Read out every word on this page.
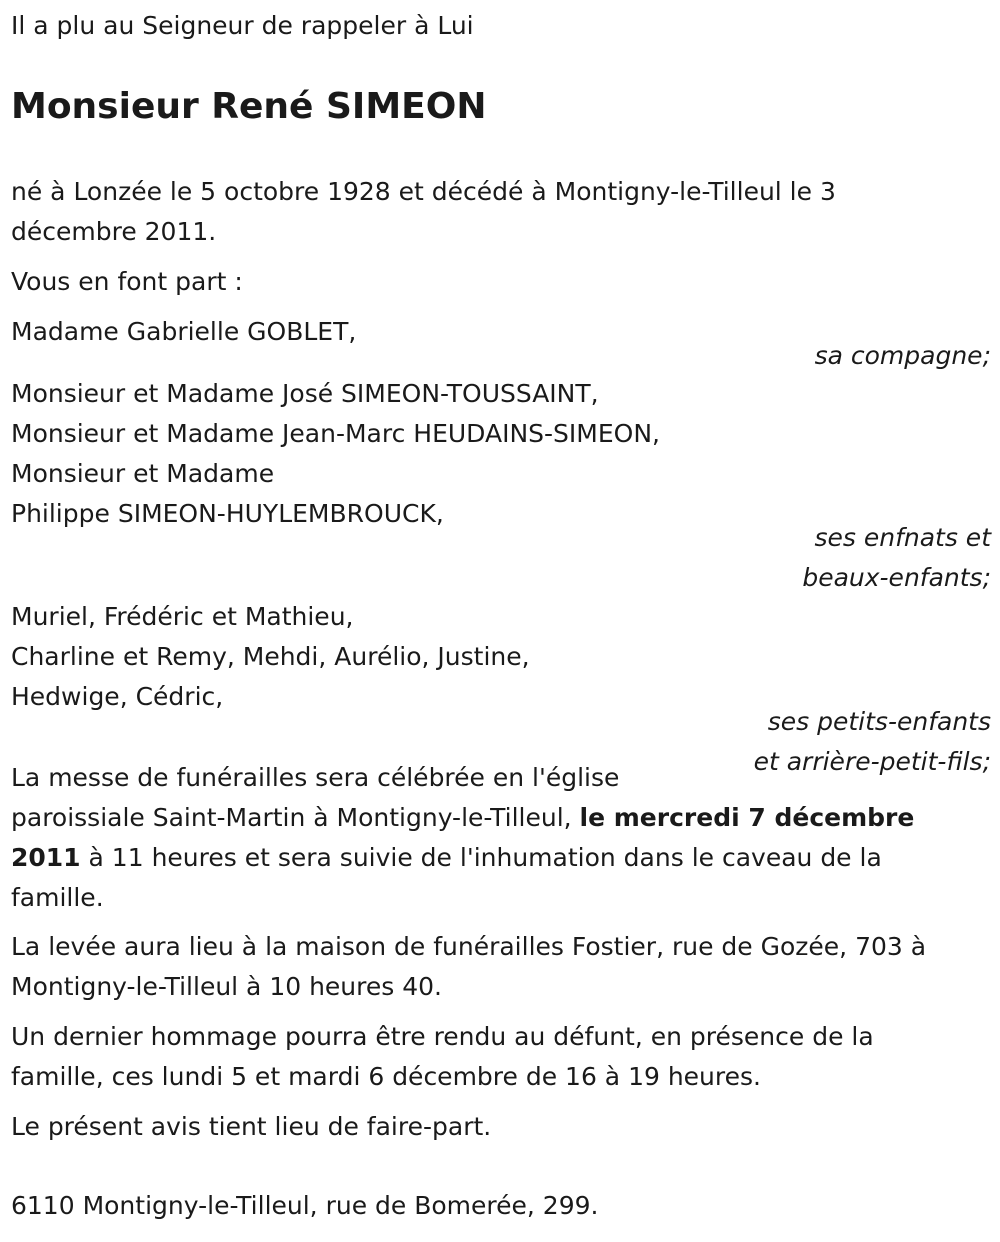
Il a plu au Seigneur de rappeler à Lui

Monsieur René SIMEON
né à Lonzée le 5 octobre 1928 et décédé à Montigny-le-Tilleul le 3
décembre 2011.
Vous en font part :
Madame Gabrielle GOBLET,
sa compagne;
Monsieur et Madame José SIMEON-TOUSSAINT,
Monsieur et Madame Jean-Marc HEUDAINS-SIMEON,
Monsieur et Madame
Philippe SIMEON-HUYLEMBROUCK,
ses enfnats et
beaux-enfants;
Muriel, Frédéric et Mathieu,
Charline et Remy, Mehdi, Aurélio, Justine,
Hedwige, Cédric,
ses petits-enfants
et arrière-petit-fils;
La messe de funérailles sera célébrée en l'église
paroissiale Saint-Martin à Montigny-le-Tilleul, le mercredi 7 décembre
2011 à 11 heures et sera suivie de l'inhumation dans le caveau de la
famille.
La levée aura lieu à la maison de funérailles Fostier, rue de Gozée, 703 à
Montigny-le-Tilleul à 10 heures 40.
Un dernier hommage pourra être rendu au défunt, en présence de la
famille, ces lundi 5 et mardi 6 décembre de 16 à 19 heures.
Le présent avis tient lieu de faire-part.
6110 Montigny-le-Tilleul, rue de Bomerée, 299.
